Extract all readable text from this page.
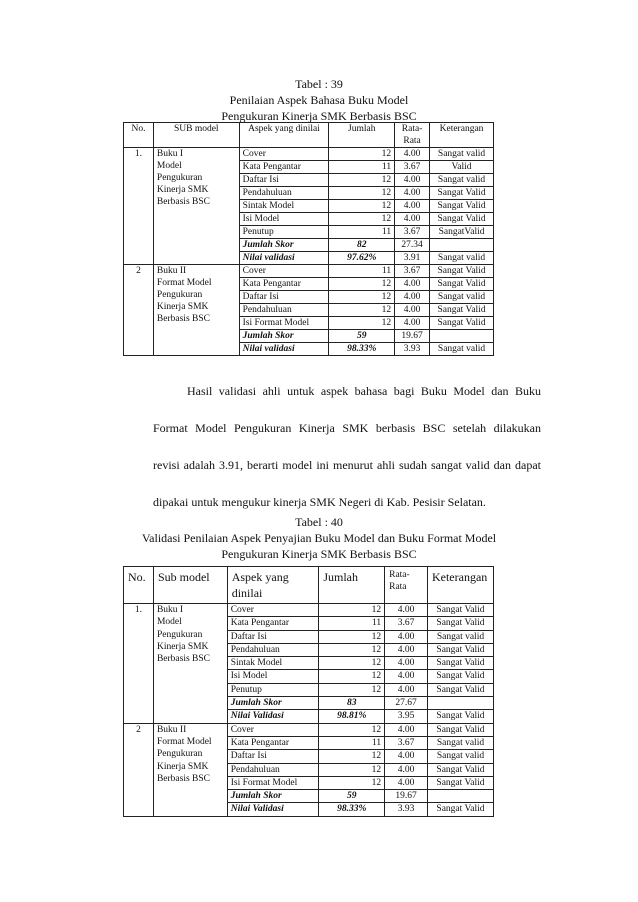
Tabel : 39
Penilaian Aspek Bahasa Buku Model
Pengukuran Kinerja SMK Berbasis BSC
No.	SUB model	Aspek yang dinilai	Jumlah	Rata-Rata	Keterangan
1.	Buku I
Model
Pengukuran
Kinerja SMK
Berbasis BSC	Cover	12	4.00	Sangat valid
		Kata Pengantar	11	3.67	Valid
		Daftar Isi	12	4.00	Sangat valid
		Pendahuluan	12	4.00	Sangat Valid
		Sintak Model	12	4.00	Sangat Valid
		Isi Model	12	4.00	Sangat Valid
		Penutup	11	3.67	SangatValid
		Jumlah Skor	82	27.34	
		Nilai validasi	97.62%	3.91	Sangat valid
2	Buku II
Format Model
Pengukuran
Kinerja SMK
Berbasis BSC	Cover	11	3.67	Sangat Valid
		Kata Pengantar	12	4.00	Sangat Valid
		Daftar Isi	12	4.00	Sangat valid
		Pendahuluan	12	4.00	Sangat Valid
		Isi Format Model	12	4.00	Sangat Valid
		Jumlah Skor	59	19.67	
		Nilai validasi	98.33%	3.93	Sangat valid
Hasil validasi ahli untuk aspek bahasa bagi Buku Model dan Buku
Format Model Pengukuran Kinerja SMK berbasis BSC setelah dilakukan
revisi adalah 3.91, berarti model ini menurut ahli sudah sangat valid dan dapat
dipakai untuk mengukur kinerja SMK Negeri di Kab. Pesisir Selatan.
Tabel : 40
Validasi Penilaian Aspek Penyajian Buku Model dan Buku Format Model
Pengukuran Kinerja SMK Berbasis BSC
No.	Sub model	Aspek yang dinilai	Jumlah	Rata-Rata	Keterangan
1.	Buku I
Model
Pengukuran
Kinerja SMK
Berbasis BSC	Cover	12	4.00	Sangat Valid
		Kata Pengantar	11	3.67	Sangat Valid
		Daftar Isi	12	4.00	Sangat valid
		Pendahuluan	12	4.00	Sangat Valid
		Sintak Model	12	4.00	Sangat Valid
		Isi Model	12	4.00	Sangat Valid
		Penutup	12	4.00	Sangat Valid
		Jumlah Skor	83	27.67	
		Nilai Validasi	98.81%	3.95	Sangat Valid
2	Buku II
Format Model
Pengukuran
Kinerja SMK
Berbasis BSC	Cover	12	4.00	Sangat Valid
		Kata Pengantar	11	3.67	Sangat valid
		Daftar Isi	12	4.00	Sangat valid
		Pendahuluan	12	4.00	Sangat Valid
		Isi Format Model	12	4.00	Sangat Valid
		Jumlah Skor	59	19.67	
		Nilai Validasi	98.33%	3.93	Sangat Valid
